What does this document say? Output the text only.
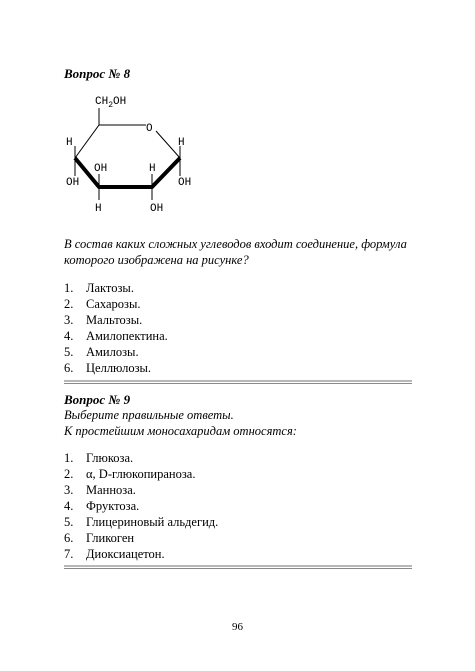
Вопрос № 8
$CH_2OH$
O
H	H
OH	H
OH	OH
H	OH
В состав каких сложных углеводов входит соединение, формула
которого изображена на рисунке?
1.	Лактозы.
2.	Сахарозы.
3.	Мальтозы.
4.	Амилопектина.
5.	Амилозы.
6.	Целлюлозы.
Вопрос № 9
Выберите правильные ответы.
К простейшим моносахаридам относятся:
1.	Глюкоза.
2.	α, D-глюкопираноза.
3.	Манноза.
4.	Фруктоза.
5.	Глицериновый альдегид.
6.	Гликоген
7.	Диоксиацетон.
96
